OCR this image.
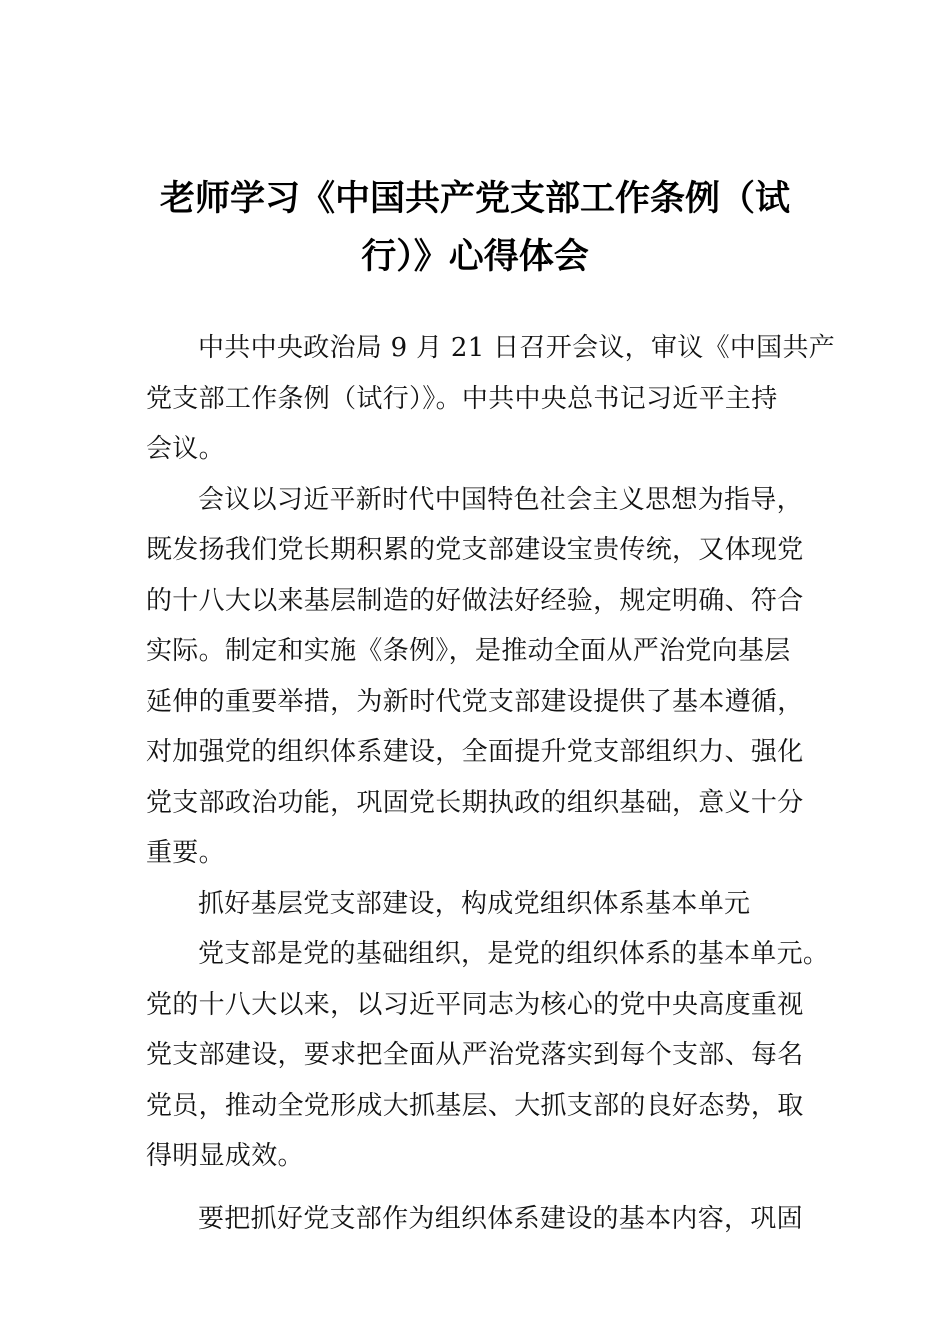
老师学习《中国共产党支部工作条例（试
行）》心得体会
中共中央政治局 9 月 21 日召开会议，审议《中国共产
党支部工作条例（试行）》。中共中央总书记习近平主持
会议。
会议以习近平新时代中国特色社会主义思想为指导，
既发扬我们党长期积累的党支部建设宝贵传统，又体现党
的十八大以来基层制造的好做法好经验，规定明确、符合
实际。制定和实施《条例》，是推动全面从严治党向基层
延伸的重要举措，为新时代党支部建设提供了基本遵循，
对加强党的组织体系建设，全面提升党支部组织力、强化
党支部政治功能，巩固党长期执政的组织基础，意义十分
重要。
抓好基层党支部建设，构成党组织体系基本单元
党支部是党的基础组织，是党的组织体系的基本单元。
党的十八大以来，以习近平同志为核心的党中央高度重视
党支部建设，要求把全面从严治党落实到每个支部、每名
党员，推动全党形成大抓基层、大抓支部的良好态势，取
得明显成效。
要把抓好党支部作为组织体系建设的基本内容，巩固
